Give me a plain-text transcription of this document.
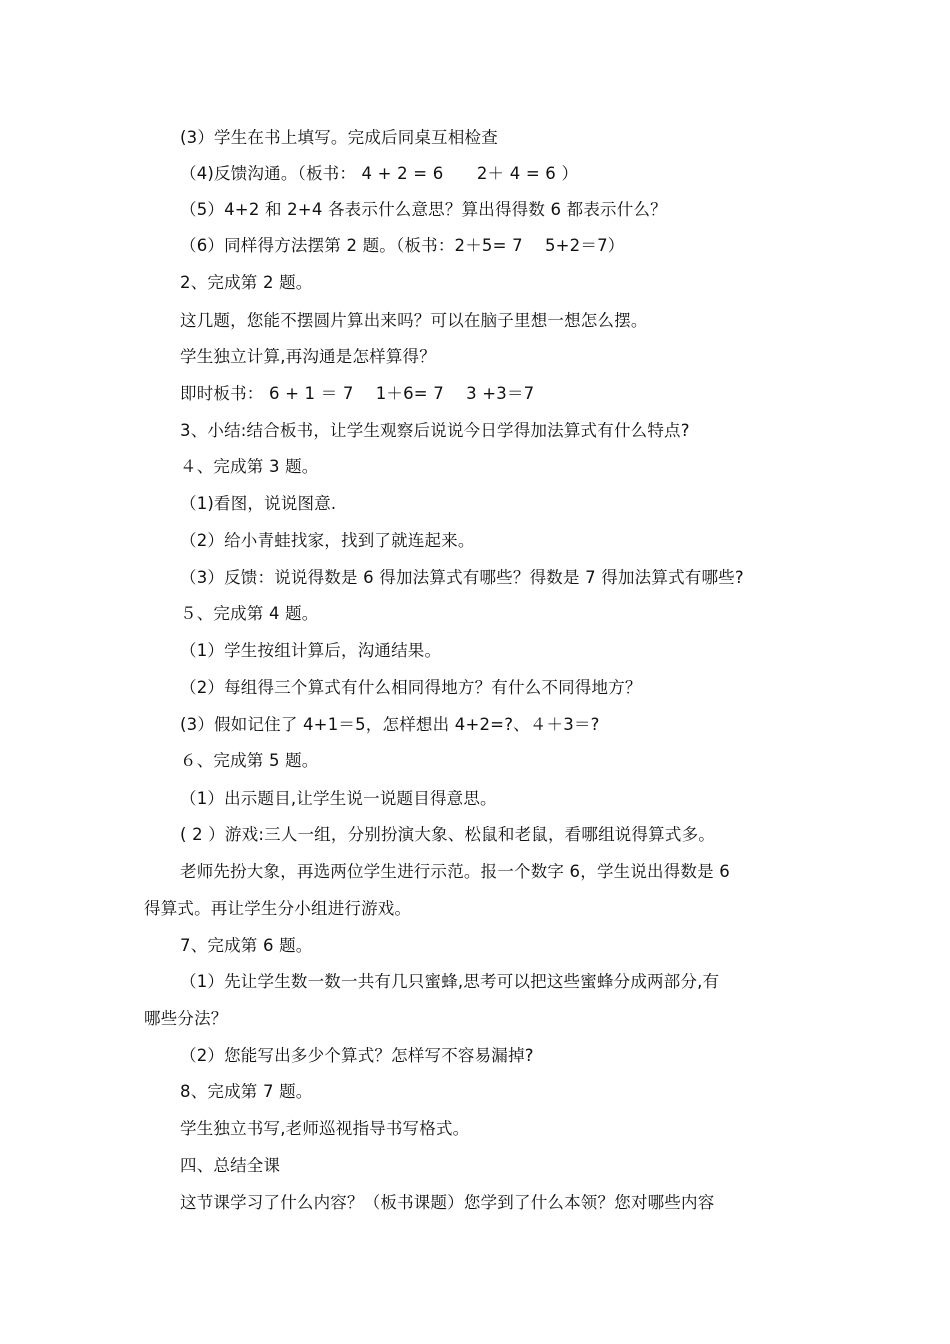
(3）学生在书上填写。完成后同桌互相检查
（4)反馈沟通。（板书： 4 + 2 = 6　　2＋ 4 = 6 ）
（5）4+2 和 2+4 各表示什么意思？算出得得数 6 都表示什么？
（6）同样得方法摆第 2 题。（板书：2＋5= 7　 5+2＝7）
2、完成第 2 题。
这几题，您能不摆圆片算出来吗？可以在脑子里想一想怎么摆。
学生独立计算,再沟通是怎样算得？
即时板书： 6 + 1 ＝ 7　 1＋6= 7　 3 +3＝7
3、小结:结合板书，让学生观察后说说今日学得加法算式有什么特点?
４、完成第 3 题。
（1)看图，说说图意.
（2）给小青蛙找家，找到了就连起来。
（3）反馈：说说得数是 6 得加法算式有哪些？得数是 7 得加法算式有哪些?
５、完成第 4 题。
（1）学生按组计算后，沟通结果。
（2）每组得三个算式有什么相同得地方？有什么不同得地方？
(3）假如记住了 4+1＝5，怎样想出 4+2=?、４＋3＝?
６、完成第 5 题。
（1）出示题目,让学生说一说题目得意思。
( 2 ）游戏:三人一组，分别扮演大象、松鼠和老鼠，看哪组说得算式多。
老师先扮大象，再选两位学生进行示范。报一个数字 6，学生说出得数是 6
得算式。再让学生分小组进行游戏。
7、完成第 6 题。
（1）先让学生数一数一共有几只蜜蜂,思考可以把这些蜜蜂分成两部分,有
哪些分法？
（2）您能写出多少个算式？怎样写不容易漏掉?
8、完成第 7 题。
学生独立书写,老师巡视指导书写格式。
四、总结全课
这节课学习了什么内容？（板书课题）您学到了什么本领？您对哪些内容
